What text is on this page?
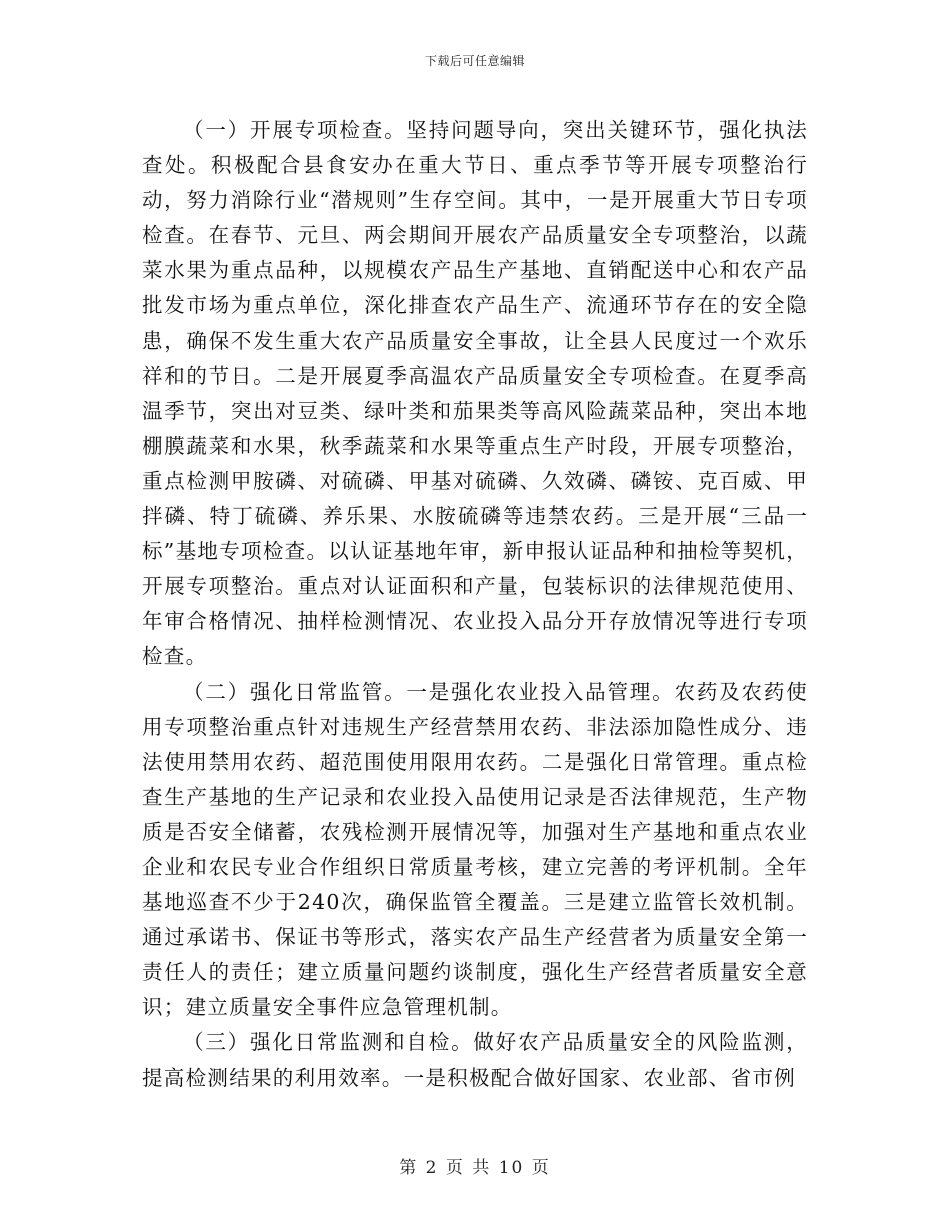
下载后可任意编辑

（一）开展专项检查。坚持问题导向，突出关键环节，强化执法查处。积极配合县食安办在重大节日、重点季节等开展专项整治行动，努力消除行业“潜规则”生存空间。其中，一是开展重大节日专项检查。在春节、元旦、两会期间开展农产品质量安全专项整治，以蔬菜水果为重点品种，以规模农产品生产基地、直销配送中心和农产品批发市场为重点单位，深化排查农产品生产、流通环节存在的安全隐患，确保不发生重大农产品质量安全事故，让全县人民度过一个欢乐祥和的节日。二是开展夏季高温农产品质量安全专项检查。在夏季高温季节，突出对豆类、绿叶类和茄果类等高风险蔬菜品种，突出本地棚膜蔬菜和水果，秋季蔬菜和水果等重点生产时段，开展专项整治，重点检测甲胺磷、对硫磷、甲基对硫磷、久效磷、磷铵、克百威、甲拌磷、特丁硫磷、养乐果、水胺硫磷等违禁农药。三是开展“三品一标”基地专项检查。以认证基地年审，新申报认证品种和抽检等契机，开展专项整治。重点对认证面积和产量，包装标识的法律规范使用、年审合格情况、抽样检测情况、农业投入品分开存放情况等进行专项检查。

（二）强化日常监管。一是强化农业投入品管理。农药及农药使用专项整治重点针对违规生产经营禁用农药、非法添加隐性成分、违法使用禁用农药、超范围使用限用农药。二是强化日常管理。重点检查生产基地的生产记录和农业投入品使用记录是否法律规范，生产物质是否安全储蓄，农残检测开展情况等，加强对生产基地和重点农业企业和农民专业合作组织日常质量考核，建立完善的考评机制。全年基地巡查不少于240次，确保监管全覆盖。三是建立监管长效机制。通过承诺书、保证书等形式，落实农产品生产经营者为质量安全第一责任人的责任；建立质量问题约谈制度，强化生产经营者质量安全意识；建立质量安全事件应急管理机制。

（三）强化日常监测和自检。做好农产品质量安全的风险监测，提高检测结果的利用效率。一是积极配合做好国家、农业部、省市例

第 2 页 共 10 页
